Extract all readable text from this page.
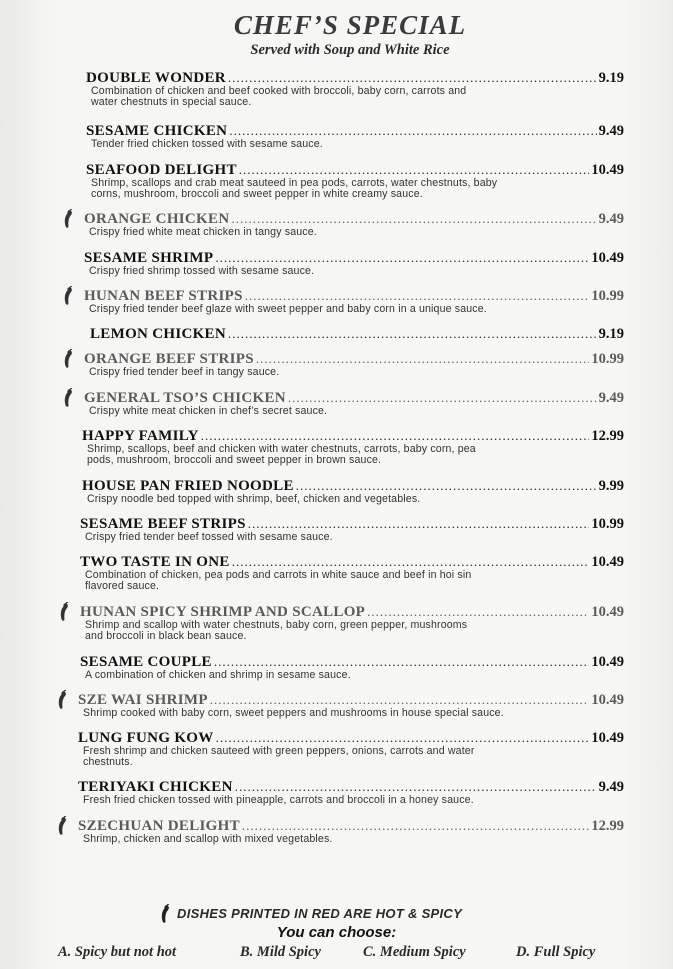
CHEF’S SPECIAL
Served with Soup and White Rice
DOUBLE WONDER .....	9.19
Combination of chicken and beef cooked with broccoli, baby corn, carrots and
water chestnuts in special sauce.
SESAME CHICKEN .....	9.49
Tender fried chicken tossed with sesame sauce.
SEAFOOD DELIGHT .....	10.49
Shrimp, scallops and crab meat sauteed in pea pods, carrots, water chestnuts, baby
corns, mushroom, broccoli and sweet pepper in white creamy sauce.
ORANGE CHICKEN .....	9.49
Crispy fried white meat chicken in tangy sauce.
SESAME SHRIMP .....	10.49
Crispy fried shrimp tossed with sesame sauce.
HUNAN BEEF STRIPS .....	10.99
Crispy fried tender beef glaze with sweet pepper and baby corn in a unique sauce.
LEMON CHICKEN .....	9.19
ORANGE BEEF STRIPS .....	10.99
Crispy fried tender beef in tangy sauce.
GENERAL TSO’S CHICKEN .....	9.49
Crispy white meat chicken in chef’s secret sauce.
HAPPY FAMILY .....	12.99
Shrimp, scallops, beef and chicken with water chestnuts, carrots, baby corn, pea
pods, mushroom, broccoli and sweet pepper in brown sauce.
HOUSE PAN FRIED NOODLE .....	9.99
Crispy noodle bed topped with shrimp, beef, chicken and vegetables.
SESAME BEEF STRIPS .....	10.99
Crispy fried tender beef tossed with sesame sauce.
TWO TASTE IN ONE .....	10.49
Combination of chicken, pea pods and carrots in white sauce and beef in hoi sin
flavored sauce.
HUNAN SPICY SHRIMP AND SCALLOP .....	10.49
Shrimp and scallop with water chestnuts, baby corn, green pepper, mushrooms
and broccoli in black bean sauce.
SESAME COUPLE .....	10.49
A combination of chicken and shrimp in sesame sauce.
SZE WAI SHRIMP .....	10.49
Shrimp cooked with baby corn, sweet peppers and mushrooms in house special sauce.
LUNG FUNG KOW .....	10.49
Fresh shrimp and chicken sauteed with green peppers, onions, carrots and water
chestnuts.
TERIYAKI CHICKEN .....	9.49
Fresh fried chicken tossed with pineapple, carrots and broccoli in a honey sauce.
SZECHUAN DELIGHT .....	12.99
Shrimp, chicken and scallop with mixed vegetables.
DISHES PRINTED IN RED ARE HOT & SPICY
You can choose:
A. Spicy but not hot	B. Mild Spicy	C. Medium Spicy	D. Full Spicy
